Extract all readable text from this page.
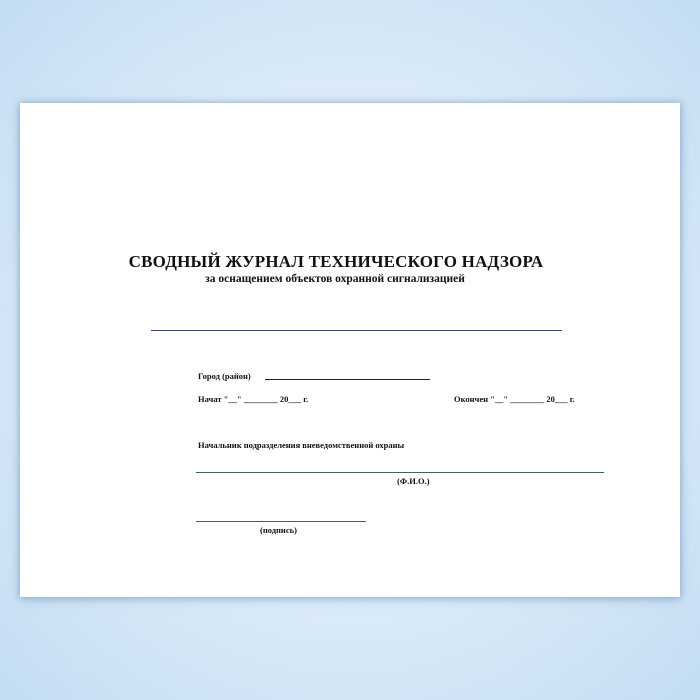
СВОДНЫЙ ЖУРНАЛ ТЕХНИЧЕСКОГО НАДЗОРА
за оснащением объектов охранной сигнализацией
Город (район)
Начат "__" ________ 20___ г.	Окончен "__" ________ 20___ г.
Начальник подразделения вневедомственной охраны
(Ф.И.О.)
(подпись)
